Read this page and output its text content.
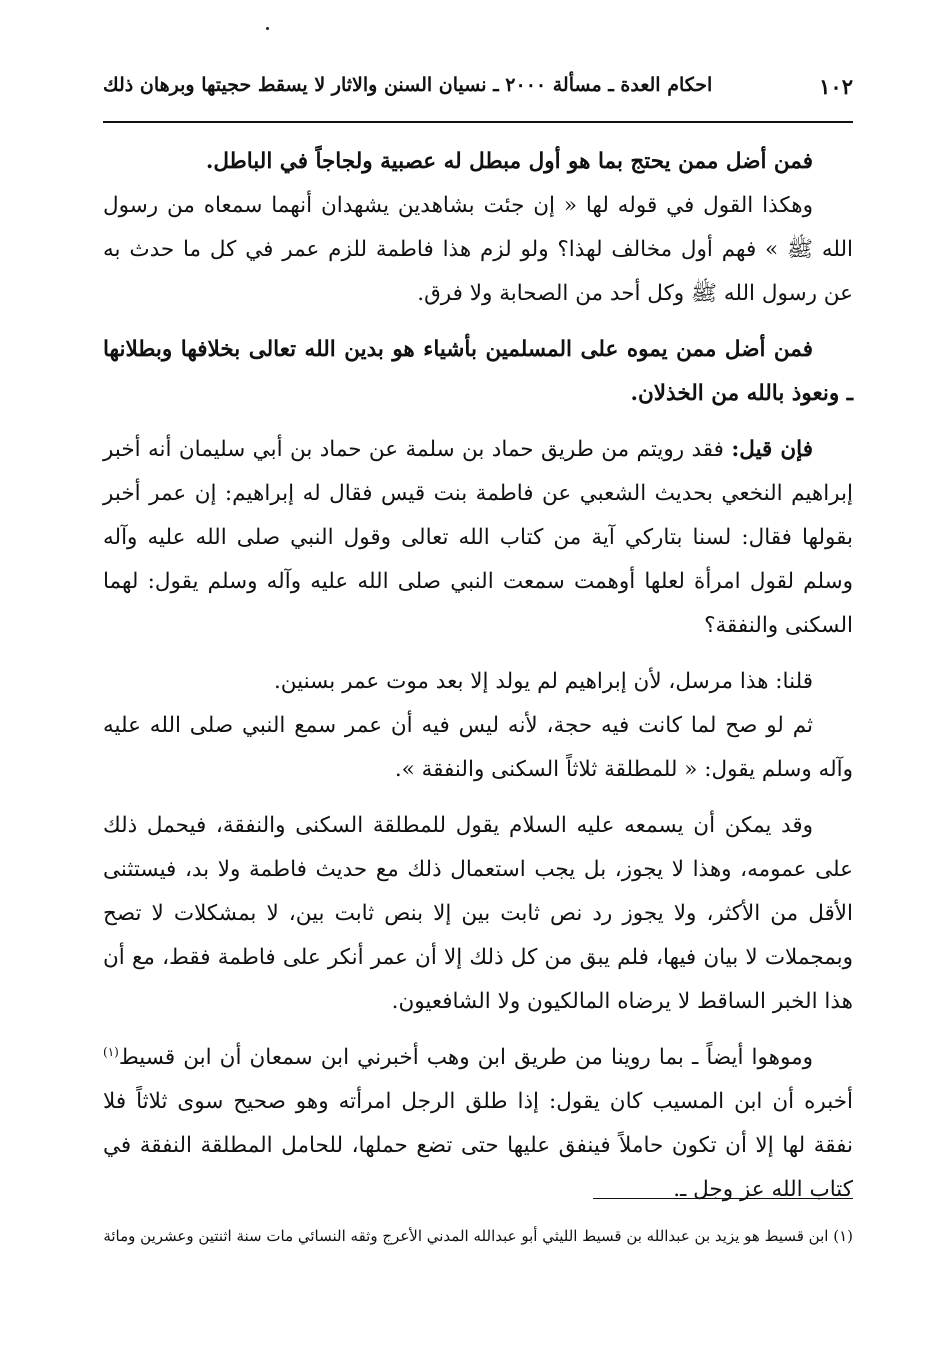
١٠٢
احكام العدة ـ مسألة ٢٠٠٠ ـ نسيان السنن والاثار لا يسقط حجيتها وبرهان ذلك

فمن أضل ممن يحتج بما هو أول مبطل له عصبية ولجاجاً في الباطل.

وهكذا القول في قوله لها « إن جئت بشاهدين يشهدان أنهما سمعاه من رسول الله ﷺ » فهم أول مخالف لهذا؟ ولو لزم هذا فاطمة للزم عمر في كل ما حدث به عن رسول الله ﷺ وكل أحد من الصحابة ولا فرق.

فمن أضل ممن يموه على المسلمين بأشياء هو بدين الله تعالى بخلافها وبطلانها ـ ونعوذ بالله من الخذلان.

فإن قيل: فقد رويتم من طريق حماد بن سلمة عن حماد بن أبي سليمان أنه أخبر إبراهيم النخعي بحديث الشعبي عن فاطمة بنت قيس فقال له إبراهيم: إن عمر أخبر بقولها فقال: لسنا بتاركي آية من كتاب الله تعالى وقول النبي صلى الله عليه وآله وسلم لقول امرأة لعلها أوهمت سمعت النبي صلى الله عليه وآله وسلم يقول: لهما السكنى والنفقة؟

قلنا: هذا مرسل، لأن إبراهيم لم يولد إلا بعد موت عمر بسنين.

ثم لو صح لما كانت فيه حجة، لأنه ليس فيه أن عمر سمع النبي صلى الله عليه وآله وسلم يقول: « للمطلقة ثلاثاً السكنى والنفقة ».

وقد يمكن أن يسمعه عليه السلام يقول للمطلقة السكنى والنفقة، فيحمل ذلك على عمومه، وهذا لا يجوز، بل يجب استعمال ذلك مع حديث فاطمة ولا بد، فيستثنى الأقل من الأكثر، ولا يجوز رد نص ثابت بين إلا بنص ثابت بين، لا بمشكلات لا تصح وبمجملات لا بيان فيها، فلم يبق من كل ذلك إلا أن عمر أنكر على فاطمة فقط، مع أن هذا الخبر الساقط لا يرضاه المالكيون ولا الشافعيون.

وموهوا أيضاً ـ بما روينا من طريق ابن وهب أخبرني ابن سمعان أن ابن قسيط$^{(١)}$ أخبره أن ابن المسيب كان يقول: إذا طلق الرجل امرأته وهو صحيح سوى ثلاثاً فلا نفقة لها إلا أن تكون حاملاً فينفق عليها حتى تضع حملها، للحامل المطلقة النفقة في كتاب الله عز وجل ـ.

(١) ابن قسيط هو يزيد بن عبدالله بن قسيط الليثي أبو عبدالله المدني الأعرج وثقه النسائي مات سنة اثنتين وعشرين ومائة
